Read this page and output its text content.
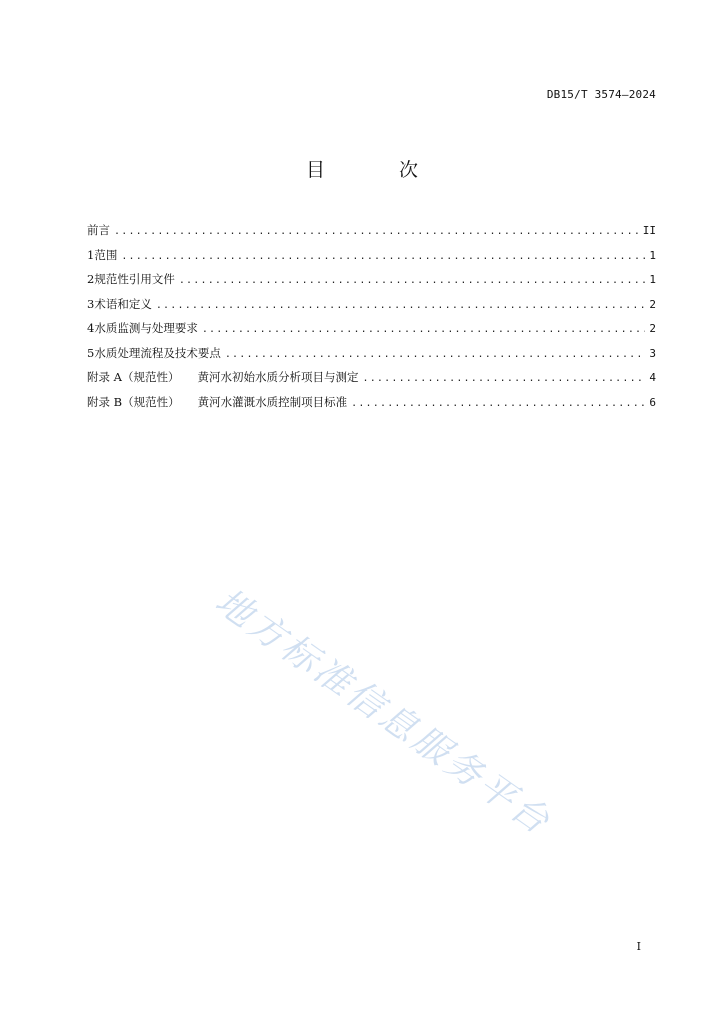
DB15/T 3574—2024
目 次
前言 .....	II
1 范围 .....	1
2 规范性引用文件 .....	1
3 术语和定义 .....	2
4 水质监测与处理要求 .....	2
5 水质处理流程及技术要点 .....	3
附录 A（规范性） 黄河水初始水质分析项目与测定 .....	4
附录 B（规范性） 黄河水灌溉水质控制项目标准 .....	6
地方标准信息服务平台
I
